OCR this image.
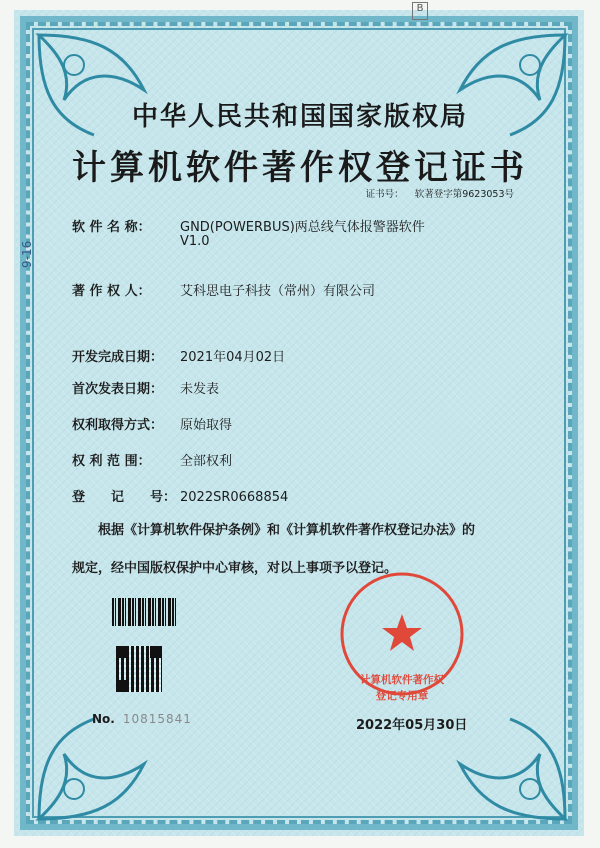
B
9-16
中华人民共和国国家版权局
计算机软件著作权登记证书
证书号： 软著登字第9623053号
软 件 名 称： GND(POWERBUS)两总线气体报警器软件
V1.0
著 作 权 人： 艾科思电子科技（常州）有限公司
开发完成日期： 2021年04月02日
首次发表日期： 未发表
权利取得方式： 原始取得
权 利 范 围： 全部权利
登　　记　　号： 2022SR0668854
根据《计算机软件保护条例》和《计算机软件著作权登记办法》的
规定，经中国版权保护中心审核，对以上事项予以登记。
No. 10815841
计算机软件著作权
登记专用章
2022年05月30日
